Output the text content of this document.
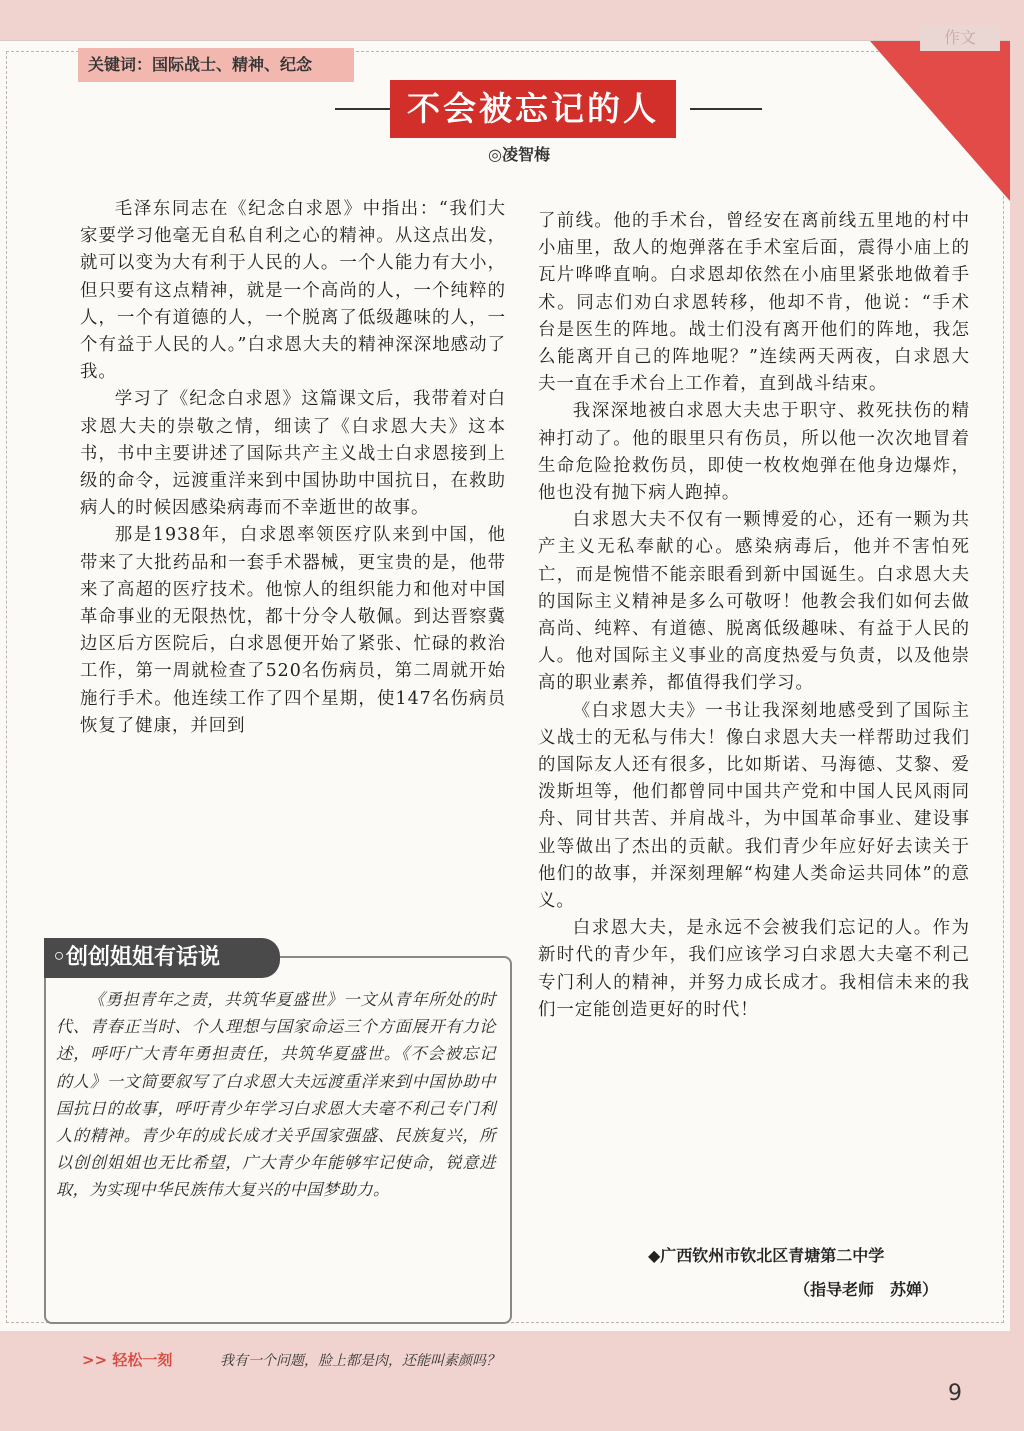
作文
关键词：国际战士、精神、纪念
不会被忘记的人
◎凌智梅

毛泽东同志在《纪念白求恩》中指出：“我们大家要学习他毫无自私自利之心的精神。从这点出发，就可以变为大有利于人民的人。一个人能力有大小，但只要有这点精神，就是一个高尚的人，一个纯粹的人，一个有道德的人，一个脱离了低级趣味的人，一个有益于人民的人。”白求恩大夫的精神深深地感动了我。

学习了《纪念白求恩》这篇课文后，我带着对白求恩大夫的崇敬之情，细读了《白求恩大夫》这本书，书中主要讲述了国际共产主义战士白求恩接到上级的命令，远渡重洋来到中国协助中国抗日，在救助病人的时候因感染病毒而不幸逝世的故事。

那是1938年，白求恩率领医疗队来到中国，他带来了大批药品和一套手术器械，更宝贵的是，他带来了高超的医疗技术。他惊人的组织能力和他对中国革命事业的无限热忱，都十分令人敬佩。到达晋察冀边区后方医院后，白求恩便开始了紧张、忙碌的救治工作，第一周就检查了520名伤病员，第二周就开始施行手术。他连续工作了四个星期，使147名伤病员恢复了健康，并回到

了前线。他的手术台，曾经安在离前线五里地的村中小庙里，敌人的炮弹落在手术室后面，震得小庙上的瓦片哗哗直响。白求恩却依然在小庙里紧张地做着手术。同志们劝白求恩转移，他却不肯，他说：“手术台是医生的阵地。战士们没有离开他们的阵地，我怎么能离开自己的阵地呢？”连续两天两夜，白求恩大夫一直在手术台上工作着，直到战斗结束。

我深深地被白求恩大夫忠于职守、救死扶伤的精神打动了。他的眼里只有伤员，所以他一次次地冒着生命危险抢救伤员，即使一枚枚炮弹在他身边爆炸，他也没有抛下病人跑掉。

白求恩大夫不仅有一颗博爱的心，还有一颗为共产主义无私奉献的心。感染病毒后，他并不害怕死亡，而是惋惜不能亲眼看到新中国诞生。白求恩大夫的国际主义精神是多么可敬呀！他教会我们如何去做高尚、纯粹、有道德、脱离低级趣味、有益于人民的人。他对国际主义事业的高度热爱与负责，以及他崇高的职业素养，都值得我们学习。

《白求恩大夫》一书让我深刻地感受到了国际主义战士的无私与伟大！像白求恩大夫一样帮助过我们的国际友人还有很多，比如斯诺、马海德、艾黎、爱泼斯坦等，他们都曾同中国共产党和中国人民风雨同舟、同甘共苦、并肩战斗，为中国革命事业、建设事业等做出了杰出的贡献。我们青少年应好好去读关于他们的故事，并深刻理解“构建人类命运共同体”的意义。

白求恩大夫，是永远不会被我们忘记的人。作为新时代的青少年，我们应该学习白求恩大夫毫不利己专门利人的精神，并努力成长成才。我相信未来的我们一定能创造更好的时代！

◆广西钦州市钦北区青塘第二中学
（指导老师　苏婵）
◦创创姐姐有话说

《勇担青年之责，共筑华夏盛世》一文从青年所处的时代、青春正当时、个人理想与国家命运三个方面展开有力论述，呼吁广大青年勇担责任，共筑华夏盛世。《不会被忘记的人》一文简要叙写了白求恩大夫远渡重洋来到中国协助中国抗日的故事，呼吁青少年学习白求恩大夫毫不利己专门利人的精神。青少年的成长成才关乎国家强盛、民族复兴，所以创创姐姐也无比希望，广大青少年能够牢记使命，锐意进取，为实现中华民族伟大复兴的中国梦助力。

>> 轻松一刻	我有一个问题，脸上都是肉，还能叫素颜吗？
9
